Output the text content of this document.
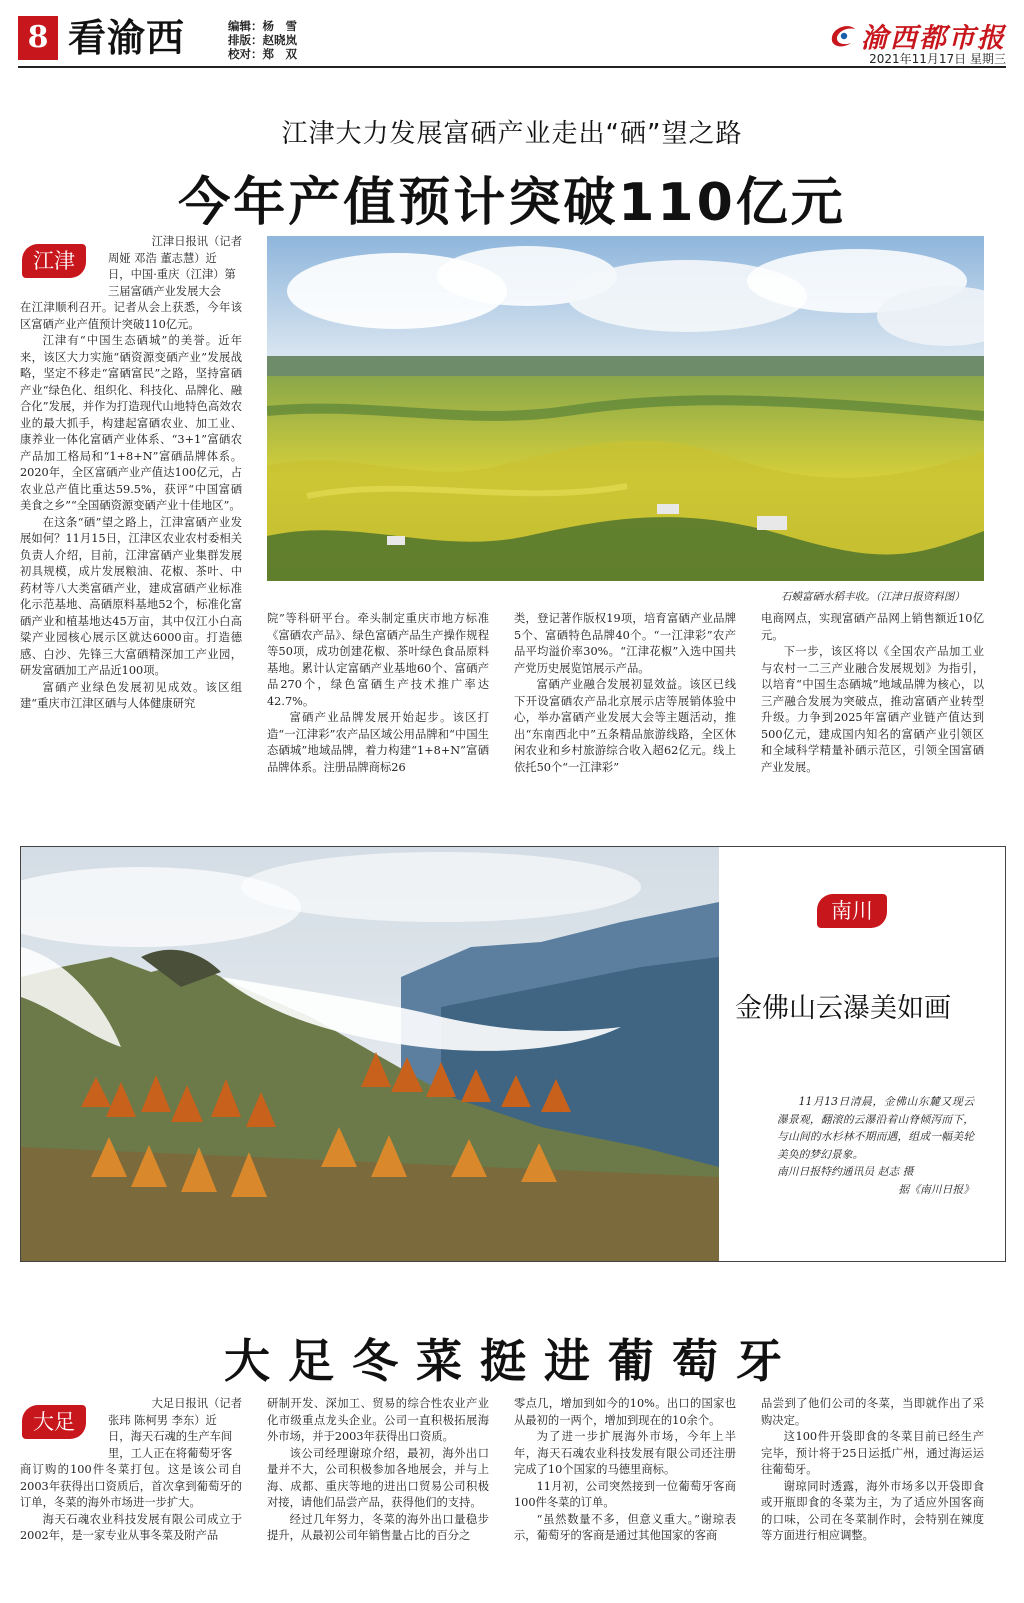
8 看渝西	编辑：杨　雪
排版：赵晓岚
校对：郑　双	渝西都市报
2021年11月17日 星期三
江津大力发展富硒产业走出“硒”望之路
今年产值预计突破110亿元
江津
江津日报讯（记者
周娅 邓浩 董志慧）近
日，中国·重庆（江津）第
三届富硒产业发展大会

在江津顺利召开。记者从会上获悉，今年该区富硒产业产值预计突破110亿元。

江津有“中国生态硒城”的美誉。近年来，该区大力实施“硒资源变硒产业”发展战略，坚定不移走“富硒富民”之路，坚持富硒产业“绿色化、组织化、科技化、品牌化、融合化”发展，并作为打造现代山地特色高效农业的最大抓手，构建起富硒农业、加工业、康养业一体化富硒产业体系、“3+1”富硒农产品加工格局和“1+8+N”富硒品牌体系。2020年，全区富硒产业产值达100亿元，占农业总产值比重达59.5%，获评“中国富硒美食之乡”“全国硒资源变硒产业十佳地区”。

在这条“硒”望之路上，江津富硒产业发展如何？11月15日，江津区农业农村委相关负责人介绍，目前，江津富硒产业集群发展初具规模，成片发展粮油、花椒、茶叶、中药材等八大类富硒产业，建成富硒产业标准化示范基地、高硒原料基地52个，标准化富硒产业和植基地达45万亩，其中仅江小白高粱产业园核心展示区就达6000亩。打造德感、白沙、先锋三大富硒精深加工产业园，研发富硒加工产品近100项。

富硒产业绿色发展初见成效。该区组建“重庆市江津区硒与人体健康研究

石蟆富硒水稻丰收。（江津日报资料图）

院”等科研平台。牵头制定重庆市地方标准《富硒农产品》、绿色富硒产品生产操作规程等50项，成功创建花椒、茶叶绿色食品原料基地。累计认定富硒产业基地60个、富硒产品270个，绿色富硒生产技术推广率达42.7%。

富硒产业品牌发展开始起步。该区打造“一江津彩”农产品区域公用品牌和“中国生态硒城”地域品牌，着力构建“1+8+N”富硒品牌体系。注册品牌商标26

类，登记著作版权19项，培育富硒产业品牌5个、富硒特色品牌40个。“一江津彩”农产品平均溢价率30%。“江津花椒”入选中国共产党历史展览馆展示产品。

富硒产业融合发展初显效益。该区已线下开设富硒农产品北京展示店等展销体验中心，举办富硒产业发展大会等主题活动，推出“东南西北中”五条精品旅游线路，全区休闲农业和乡村旅游综合收入超62亿元。线上依托50个“一江津彩”

电商网点，实现富硒产品网上销售额近10亿元。

下一步，该区将以《全国农产品加工业与农村一二三产业融合发展规划》为指引，以培育“中国生态硒城”地域品牌为核心，以三产融合发展为突破点，推动富硒产业转型升级。力争到2025年富硒产业链产值达到500亿元，建成国内知名的富硒产业引领区和全域科学精量补硒示范区，引领全国富硒产业发展。

南川
金佛山云瀑美如画

11月13日清晨，金佛山东麓又现云瀑景观，翻滚的云瀑沿着山脊倾泻而下，与山间的水杉林不期而遇，组成一幅美轮美奂的梦幻景象。

南川日报特约通讯员 赵志 摄

据《南川日报》

大足冬菜挺进葡萄牙
大足
大足日报讯（记者
张玮 陈柯男 李东）近
日，海天石魂的生产车间
里，工人正在将葡萄牙客

商订购的100件冬菜打包。这是该公司自2003年获得出口资质后，首次拿到葡萄牙的订单，冬菜的海外市场进一步扩大。

海天石魂农业科技发展有限公司成立于2002年，是一家专业从事冬菜及附产品

研制开发、深加工、贸易的综合性农业产业化市级重点龙头企业。公司一直积极拓展海外市场，并于2003年获得出口资质。

该公司经理谢琼介绍，最初，海外出口量并不大，公司积极参加各地展会，并与上海、成都、重庆等地的进出口贸易公司积极对接，请他们品尝产品，获得他们的支持。

经过几年努力，冬菜的海外出口量稳步提升，从最初公司年销售量占比的百分之

零点几，增加到如今的10%。出口的国家也从最初的一两个，增加到现在的10余个。

为了进一步扩展海外市场，今年上半年，海天石魂农业科技发展有限公司还注册完成了10个国家的马德里商标。

11月初，公司突然接到一位葡萄牙客商100件冬菜的订单。

“虽然数量不多，但意义重大。”谢琼表示，葡萄牙的客商是通过其他国家的客商

品尝到了他们公司的冬菜，当即就作出了采购决定。

这100件开袋即食的冬菜目前已经生产完毕，预计将于25日运抵广州，通过海运运往葡萄牙。

谢琼同时透露，海外市场多以开袋即食或开瓶即食的冬菜为主，为了适应外国客商的口味，公司在冬菜制作时，会特别在辣度等方面进行相应调整。
